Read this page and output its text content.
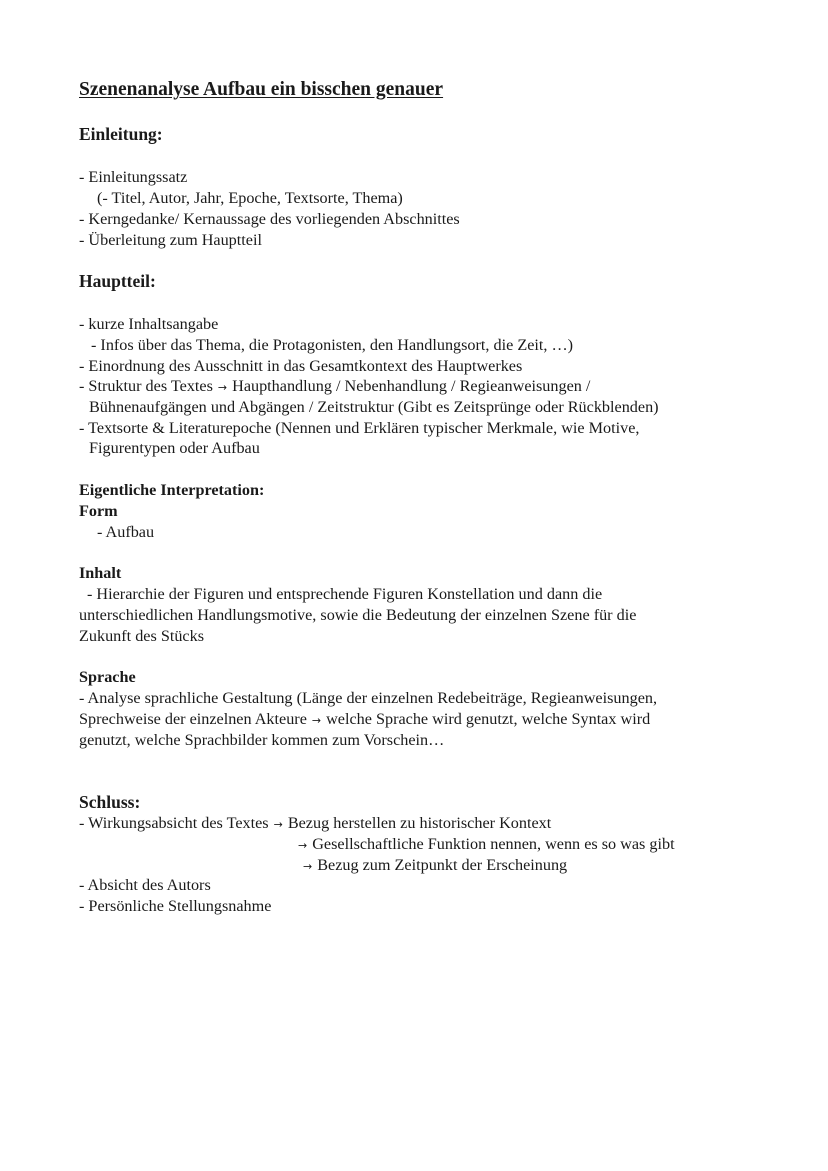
Szenenanalyse Aufbau ein bisschen genauer
Einleitung:
- Einleitungssatz
(- Titel, Autor, Jahr, Epoche, Textsorte, Thema)
- Kerngedanke/ Kernaussage des vorliegenden Abschnittes
- Überleitung zum Hauptteil
Hauptteil:
- kurze Inhaltsangabe
- Infos über das Thema, die Protagonisten, den Handlungsort, die Zeit, …)
- Einordnung des Ausschnitt in das Gesamtkontext des Hauptwerkes
- Struktur des Textes → Haupthandlung / Nebenhandlung / Regieanweisungen /
Bühnenaufgängen und Abgängen / Zeitstruktur (Gibt es Zeitsprünge oder Rückblenden)
- Textsorte & Literaturepoche (Nennen und Erklären typischer Merkmale, wie Motive,
Figurentypen oder Aufbau
Eigentliche Interpretation:
Form
- Aufbau
Inhalt
- Hierarchie der Figuren und entsprechende Figuren Konstellation und dann die
unterschiedlichen Handlungsmotive, sowie die Bedeutung der einzelnen Szene für die
Zukunft des Stücks
Sprache
- Analyse sprachliche Gestaltung (Länge der einzelnen Redebeiträge, Regieanweisungen,
Sprechweise der einzelnen Akteure → welche Sprache wird genutzt, welche Syntax wird
genutzt, welche Sprachbilder kommen zum Vorschein…
Schluss:
- Wirkungsabsicht des Textes → Bezug herstellen zu historischer Kontext
→ Gesellschaftliche Funktion nennen, wenn es so was gibt
→ Bezug zum Zeitpunkt der Erscheinung
- Absicht des Autors
- Persönliche Stellungsnahme
